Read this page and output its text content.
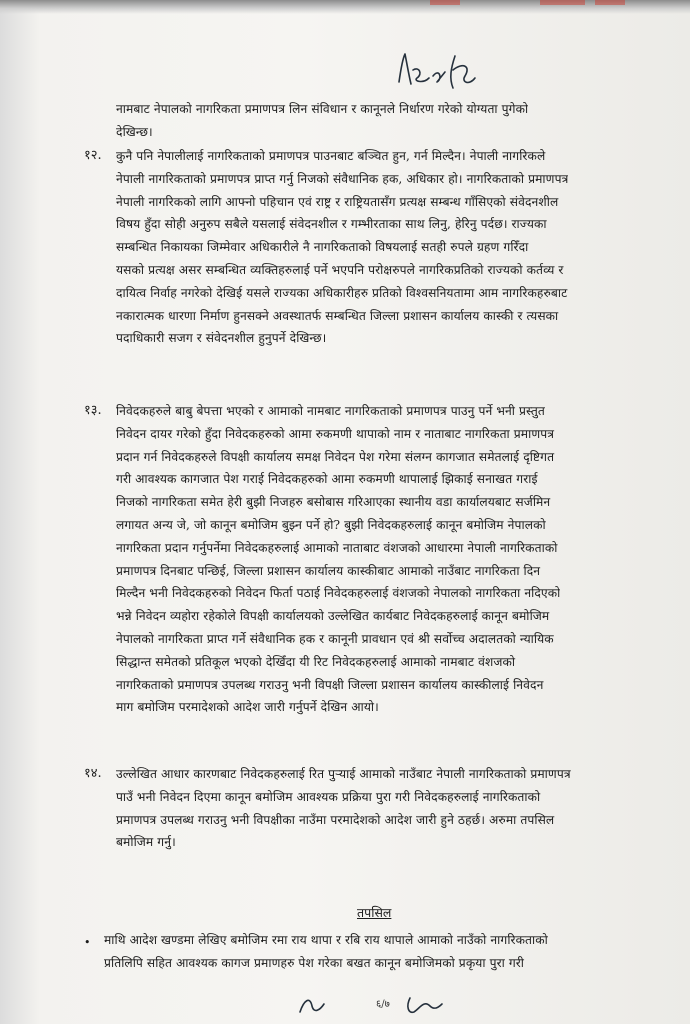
नामबाट नेपालको नागरिकता प्रमाणपत्र लिन संविधान र कानूनले निर्धारण गरेको योग्यता पुगेको
देखिन्छ।
१२. कुनै पनि नेपालीलाई नागरिकताको प्रमाणपत्र पाउनबाट बञ्चित हुन, गर्न मिल्दैन। नेपाली नागरिकले
नेपाली नागरिकताको प्रमाणपत्र प्राप्त गर्नु निजको संवैधानिक हक, अधिकार हो। नागरिकताको प्रमाणपत्र
नेपाली नागरिकको लागि आफ्नो पहिचान एवं राष्ट्र र राष्ट्रियतासँग प्रत्यक्ष सम्बन्ध गाँसिएको संवेदनशील
विषय हुँदा सोही अनुरुप सबैले यसलाई संवेदनशील र गम्भीरताका साथ लिनु, हेरिनु पर्दछ। राज्यका
सम्बन्धित निकायका जिम्मेवार अधिकारीले नै नागरिकताको विषयलाई सतही रुपले ग्रहण गरिँदा
यसको प्रत्यक्ष असर सम्बन्धित व्यक्तिहरुलाई पर्ने भएपनि परोक्षरुपले नागरिकप्रतिको राज्यको कर्तव्य र
दायित्व निर्वाह नगरेको देखिई यसले राज्यका अधिकारीहरु प्रतिको विश्वसनियतामा आम नागरिकहरुबाट
नकारात्मक धारणा निर्माण हुनसक्ने अवस्थातर्फ सम्बन्धित जिल्ला प्रशासन कार्यालय कास्की र त्यसका
पदाधिकारी सजग र संवेदनशील हुनुपर्ने देखिन्छ।
१३. निवेदकहरुले बाबु बेपत्ता भएको र आमाको नामबाट नागरिकताको प्रमाणपत्र पाउनु पर्ने भनी प्रस्तुत
निवेदन दायर गरेको हुँदा निवेदकहरुको आमा रुकमणी थापाको नाम र नाताबाट नागरिकता प्रमाणपत्र
प्रदान गर्न निवेदकहरुले विपक्षी कार्यालय समक्ष निवेदन पेश गरेमा संलग्न कागजात समेतलाई दृष्टिगत
गरी आवश्यक कागजात पेश गराई निवेदकहरुको आमा रुकमणी थापालाई झिकाई सनाखत गराई
निजको नागरिकता समेत हेरी बुझी निजहरु बसोबास गरिआएका स्थानीय वडा कार्यालयबाट सर्जमिन
लगायत अन्य जे, जो कानून बमोजिम बुझ्न पर्ने हो? बुझी निवेदकहरुलाई कानून बमोजिम नेपालको
नागरिकता प्रदान गर्नुपर्नेमा निवेदकहरुलाई आमाको नाताबाट वंशजको आधारमा नेपाली नागरिकताको
प्रमाणपत्र दिनबाट पन्छिई, जिल्ला प्रशासन कार्यालय कास्कीबाट आमाको नाउँबाट नागरिकता दिन
मिल्दैन भनी निवेदकहरुको निवेदन फिर्ता पठाई निवेदकहरुलाई वंशजको नेपालको नागरिकता नदिएको
भन्ने निवेदन व्यहोरा रहेकोले विपक्षी कार्यालयको उल्लेखित कार्यबाट निवेदकहरुलाई कानून बमोजिम
नेपालको नागरिकता प्राप्त गर्ने संवैधानिक हक र कानूनी प्रावधान एवं श्री सर्वोच्च अदालतको न्यायिक
सिद्धान्त समेतको प्रतिकूल भएको देखिँदा यी रिट निवेदकहरुलाई आमाको नामबाट वंशजको
नागरिकताको प्रमाणपत्र उपलब्ध गराउनु भनी विपक्षी जिल्ला प्रशासन कार्यालय कास्कीलाई निवेदन
माग बमोजिम परमादेशको आदेश जारी गर्नुपर्ने देखिन आयो।
१४. उल्लेखित आधार कारणबाट निवेदकहरुलाई रित पुऱ्याई आमाको नाउँबाट नेपाली नागरिकताको प्रमाणपत्र
पाउँ भनी निवेदन दिएमा कानून बमोजिम आवश्यक प्रक्रिया पुरा गरी निवेदकहरुलाई नागरिकताको
प्रमाणपत्र उपलब्ध गराउनु भनी विपक्षीका नाउँमा परमादेशको आदेश जारी हुने ठहर्छ। अरुमा तपसिल
बमोजिम गर्नु।
तपसिल
• माथि आदेश खण्डमा लेखिए बमोजिम रमा राय थापा र रबि राय थापाले आमाको नाउँको नागरिकताको
प्रतिलिपि सहित आवश्यक कागज प्रमाणहरु पेश गरेका बखत कानून बमोजिमको प्रकृया पुरा गरी
६/७
